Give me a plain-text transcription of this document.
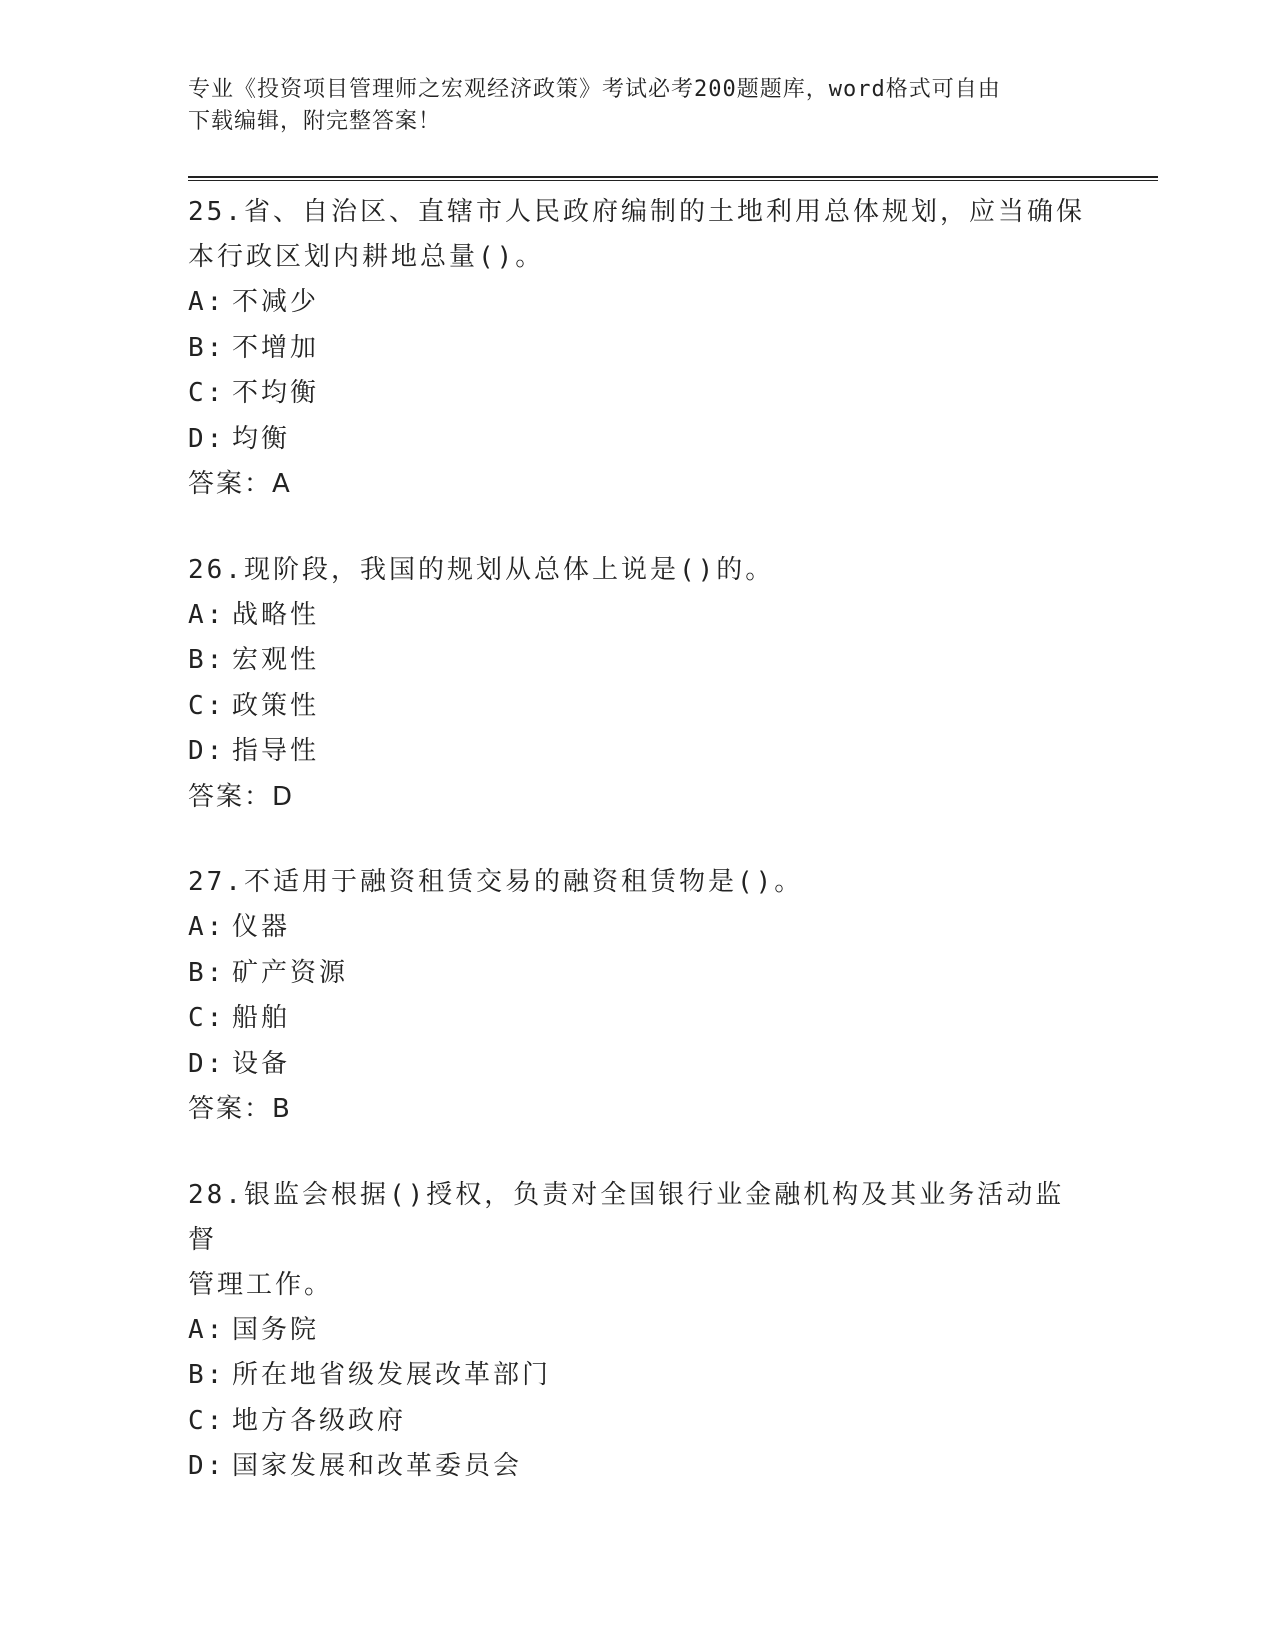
专业《投资项目管理师之宏观经济政策》考试必考200题题库，word格式可自由
下载编辑，附完整答案！
25.省、自治区、直辖市人民政府编制的土地利用总体规划，应当确保
本行政区划内耕地总量()。
A: 不减少
B: 不增加
C: 不均衡
D: 均衡
答案：A
26.现阶段，我国的规划从总体上说是()的。
A: 战略性
B: 宏观性
C: 政策性
D: 指导性
答案：D
27.不适用于融资租赁交易的融资租赁物是()。
A: 仪器
B: 矿产资源
C: 船舶
D: 设备
答案：B
28.银监会根据()授权，负责对全国银行业金融机构及其业务活动监督
管理工作。
A: 国务院
B: 所在地省级发展改革部门
C: 地方各级政府
D: 国家发展和改革委员会
